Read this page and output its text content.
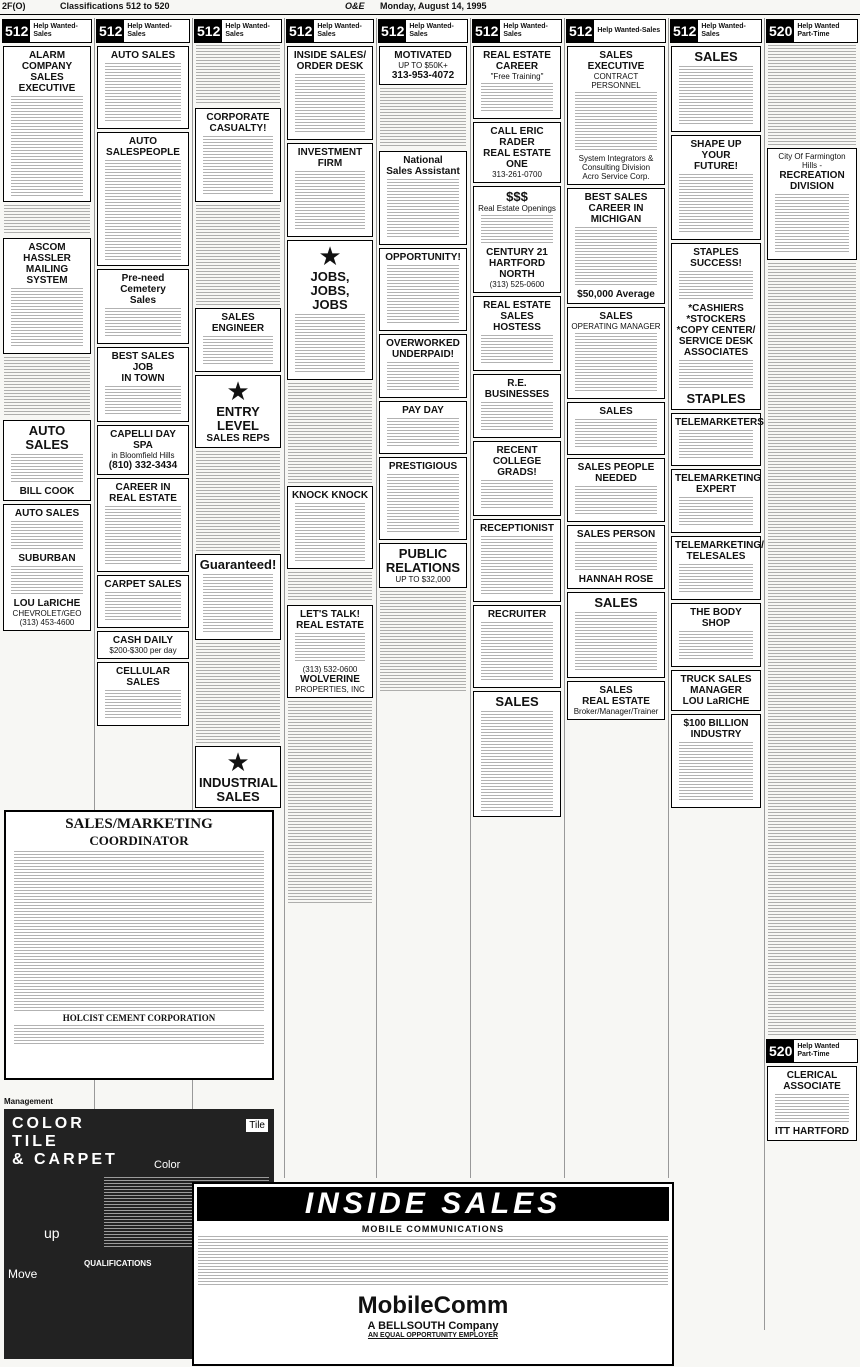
2F(O)	Classifications 512 to 520	O&E Monday, August 14, 1995
512 Help Wanted-Sales
ALARM COMPANY
SALES EXECUTIVE
ASCOM HASSLER
MAILING SYSTEM
AUTO SALES
BILL COOK
AUTO SALES
SUBURBAN
LOU LaRICHE
CHEVROLET/GEO
(313) 453-4600
512 Help Wanted-Sales
AUTO SALES
AUTO SALESPEOPLE
Pre-need Cemetery
Sales
BEST SALES JOB
IN TOWN
CAPELLI DAY SPA
in Bloomfield Hills
(810) 332-3434
CAREER IN
REAL ESTATE
CARPET SALES
CASH DAILY
$200-$300 per day
CELLULAR SALES
512 Help Wanted-Sales
CORPORATE
CASUALTY!
SALES ENGINEER
★
ENTRY
LEVEL
SALES REPS
Guaranteed!
★
INDUSTRIAL
SALES
512 Help Wanted-Sales
INSIDE SALES/
ORDER DESK
INVESTMENT FIRM
★
JOBS,
JOBS,
JOBS
KNOCK KNOCK
LET'S TALK!
REAL ESTATE
(313) 532-0600
WOLVERINE
PROPERTIES, INC
512 Help Wanted-Sales
MOTIVATED
UP TO $50K+
313-953-4072
National
Sales Assistant
OPPORTUNITY!
OVERWORKED
UNDERPAID!
PAY DAY
PRESTIGIOUS
PUBLIC
RELATIONS
UP TO $32,000
512 Help Wanted-Sales
REAL ESTATE
CAREER
"Free Training"
CALL ERIC RADER
REAL ESTATE ONE
313-261-0700
$$$
Real Estate Openings
CENTURY 21
HARTFORD NORTH
(313) 525-0600
REAL ESTATE
SALES HOSTESS
R.E. BUSINESSES
RECENT COLLEGE
GRADS!
RECEPTIONIST
RECRUITER
SALES
512 Help Wanted-Sales
SALES EXECUTIVE
CONTRACT PERSONNEL
System Integrators &
Consulting Division
Acro Service Corp.
BEST SALES
CAREER IN
MICHIGAN
$50,000 Average
SALES
OPERATING MANAGER
SALES
SALES PEOPLE
NEEDED
SALES PERSON
HANNAH ROSE
SALES
SALES
REAL ESTATE
Broker/Manager/Trainer
512 Help Wanted-Sales
SALES
SHAPE UP YOUR
FUTURE!
STAPLES SUCCESS!
*CASHIERS
*STOCKERS
*COPY CENTER/
SERVICE DESK
ASSOCIATES
STAPLES
TELEMARKETERS
TELEMARKETING EXPERT
TELEMARKETING/
TELESALES
THE BODY SHOP
TRUCK SALES
MANAGER
LOU LaRICHE
$100 BILLION INDUSTRY
520 Help Wanted Part-Time
City Of Farmington Hills -
RECREATION DIVISION
520 Help Wanted Part-Time
CLERICAL
ASSOCIATE
ITT HARTFORD
SALES/MARKETING
COORDINATOR
HOLCIST CEMENT CORPORATION
Management
COLOR
TILE
& CARPET
Tile
Color
up
Move
QUALIFICATIONS
INSIDE SALES
MOBILE COMMUNICATIONS
MobileComm
A BELLSOUTH Company
AN EQUAL OPPORTUNITY EMPLOYER
